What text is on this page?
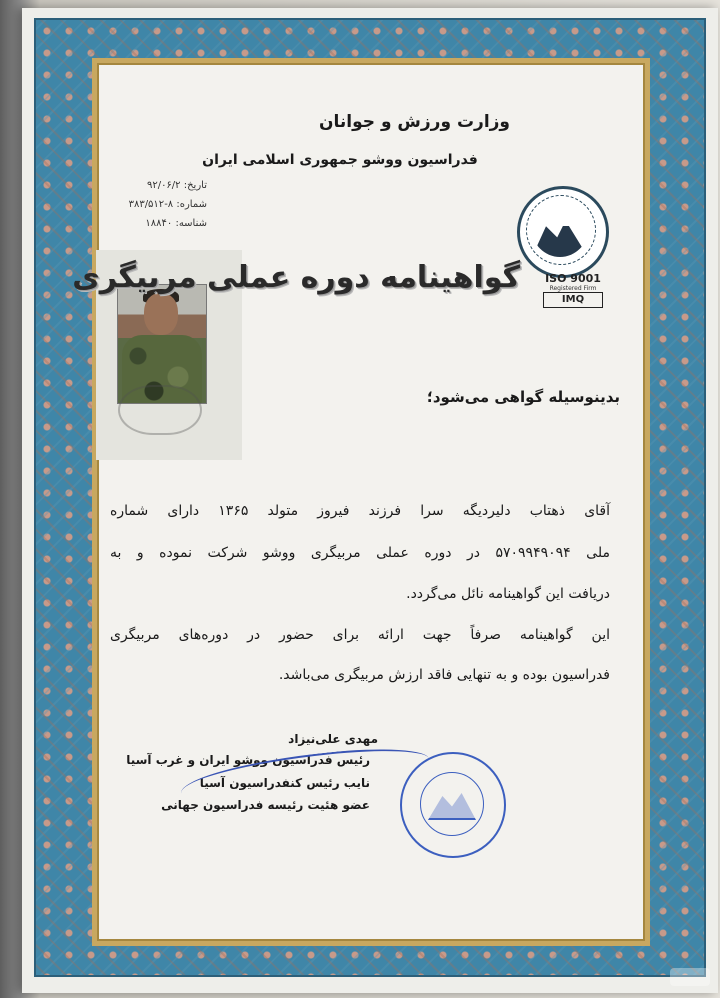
وزارت ورزش و جوانان
فدراسیون ووشو جمهوری اسلامی ایران
تاریخ: ۹۲/۰۶/۲
شماره: ۸-۳۸۳/۵۱۲
شناسه: ۱۸۸۴۰
ISO 9001
Registered Firm
IMQ
گواهینامه دوره عملی مربیگری
بدینوسیله گواهی می‌شود؛
آقای ذهتاب دلیردیگه سرا فرزند فیروز متولد ۱۳۶۵ دارای شماره
ملی ۵۷۰۹۹۴۹۰۹۴ در دوره عملی مربیگری ووشو شرکت نموده و به
دریافت این گواهینامه نائل می‌گردد.
این گواهینامه صرفاً جهت ارائه برای حضور در دوره‌های مربیگری
فدراسیون بوده و به تنهایی فاقد ارزش مربیگری می‌باشد.
مهدی علی‌نیزاد
رئیس فدراسیون ووشو ایران و غرب آسیا
نایب رئیس کنفدراسیون آسیا
عضو هئیت رئیسه فدراسیون جهانی
